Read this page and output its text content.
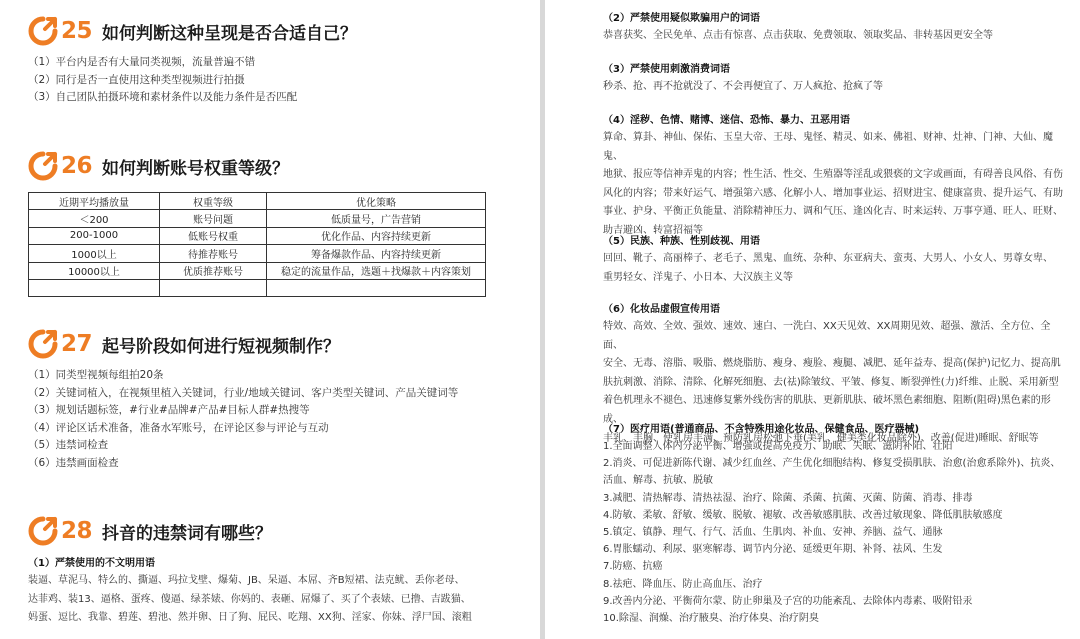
25 如何判断这种呈现是否合适自己？
（1）平台内是否有大量同类视频，流量普遍不错
（2）同行是否一直使用这种类型视频进行拍摄
（3）自己团队拍摄环境和素材条件以及能力条件是否匹配
26 如何判断账号权重等级？
近期平均播放量	权重等级	优化策略
＜200	账号问题	低质量号，广告营销
200-1000	低账号权重	优化作品、内容持续更新
1000以上	待推荐账号	筹备爆款作品、内容持续更新
10000以上	优质推荐账号	稳定的流量作品，选题＋找爆款＋内容策划

27 起号阶段如何进行短视频制作？
（1）同类型视频每组拍20条
（2）关键词植入，在视频里植入关键词，行业/地域关键词、客户类型关键词、产品关键词等
（3）规划话题标签，#行业#品牌#产品#目标人群#热搜等
（4）评论区话术准备，准备水军账号，在评论区参与评论与互动
（5）违禁词检查
（6）违禁画面检查
28 抖音的违禁词有哪些？
（1）严禁使用的不文明用语
装逼、草泥马、特么的、撕逼、玛拉戈壁、爆菊、JB、呆逼、本屌、齐B短裙、法克鱿、丢你老母、
达菲鸡、装13、逼格、蛋疼、傻逼、绿茶婊、你妈的、表砸、屌爆了、买了个表婊、已撸、吉跋猫、
妈蛋、逗比、我靠、碧莲、碧池、然并卵、日了狗、屁民、吃翔、XX狗、淫家、你妹、浮尸国、滚粗
（2）严禁使用疑似欺骗用户的词语
恭喜获奖、全民免单、点击有惊喜、点击获取、免费领取、领取奖品、非转基因更安全等
（3）严禁使用刺激消费词语
秒杀、抢、再不抢就没了、不会再便宜了、万人疯抢、抢疯了等
（4）淫秽、色情、赌博、迷信、恐怖、暴力、丑恶用语
算命、算卦、神仙、保佑、玉皇大帝、王母、鬼怪、精灵、如来、佛祖、财神、灶神、门神、大仙、魔鬼、
地狱、报应等信神弄鬼的内容；性生活、性交、生殖器等淫乱或猥亵的文字或画面，有碍善良风俗、有伤
风化的内容；带来好运气、增强第六感、化解小人、增加事业运、招财进宝、健康富贵、提升运气、有助
事业、护身、平衡正负能量、消除精神压力、调和气压、逢凶化吉、时来运转、万事亨通、旺人、旺财、
助吉避凶、转富招福等
（5）民族、种族、性别歧视、用语
回回、靴子、高丽棒子、老毛子、黑鬼、血统、杂种、东亚病夫、蛮夷、大男人、小女人、男尊女卑、
重男轻女、洋鬼子、小日本、大汉族主义等
（6）化妆品虚假宣传用语
特效、高效、全效、强效、速效、速白、一洗白、XX天见效、XX周期见效、超强、激活、全方位、全面、
安全、无毒、溶脂、吸脂、燃烧脂肪、瘦身、瘦脸、瘦腿、减肥、延年益寿、提高(保护)记忆力、提高肌
肤抗刺激、消除、清除、化解死细胞、去(祛)除皱纹、平皱、修复、断裂弹性(力)纤维、止脱、采用新型
着色机理永不褪色、迅速修复紫外线伤害的肌肤、更新肌肤、破坏黑色素细胞、阻断(阻碍)黑色素的形成、
丰乳、丰胸、使乳房丰满、预防乳房松弛下垂(美乳、健美类化妆品除外)、改善(促进)睡眠、舒眠等
（7）医疗用语(普通商品、不含特殊用途化妆品、保健食品、医疗器械)
1.全面调整人体内分泌平衡、增强或提高免疫力、助眠、失眠、滋阴补阳、壮阳
2.消炎、可促进新陈代谢、减少红血丝、产生优化细胞结构、修复受损肌肤、治愈(治愈系除外)、抗炎、
活血、解毒、抗敏、脱敏
3.减肥、清热解毒、清热祛湿、治疗、除菌、杀菌、抗菌、灭菌、防菌、消毒、排毒
4.防敏、柔敏、舒敏、缓敏、脱敏、褪敏、改善敏感肌肤、改善过敏现象、降低肌肤敏感度
5.镇定、镇静、理气、行气、活血、生肌肉、补血、安神、养脑、益气、通脉
6.胃胀蠕动、利尿、驱寒解毒、调节内分泌、延缓更年期、补肾、祛风、生发
7.防癌、抗癌
8.祛疤、降血压、防止高血压、治疗
9.改善内分泌、平衡荷尔蒙、防止卵巢及子宫的功能紊乱、去除体内毒素、吸附铅汞
10.除湿、润燥、治疗腋臭、治疗体臭、治疗阴臭
